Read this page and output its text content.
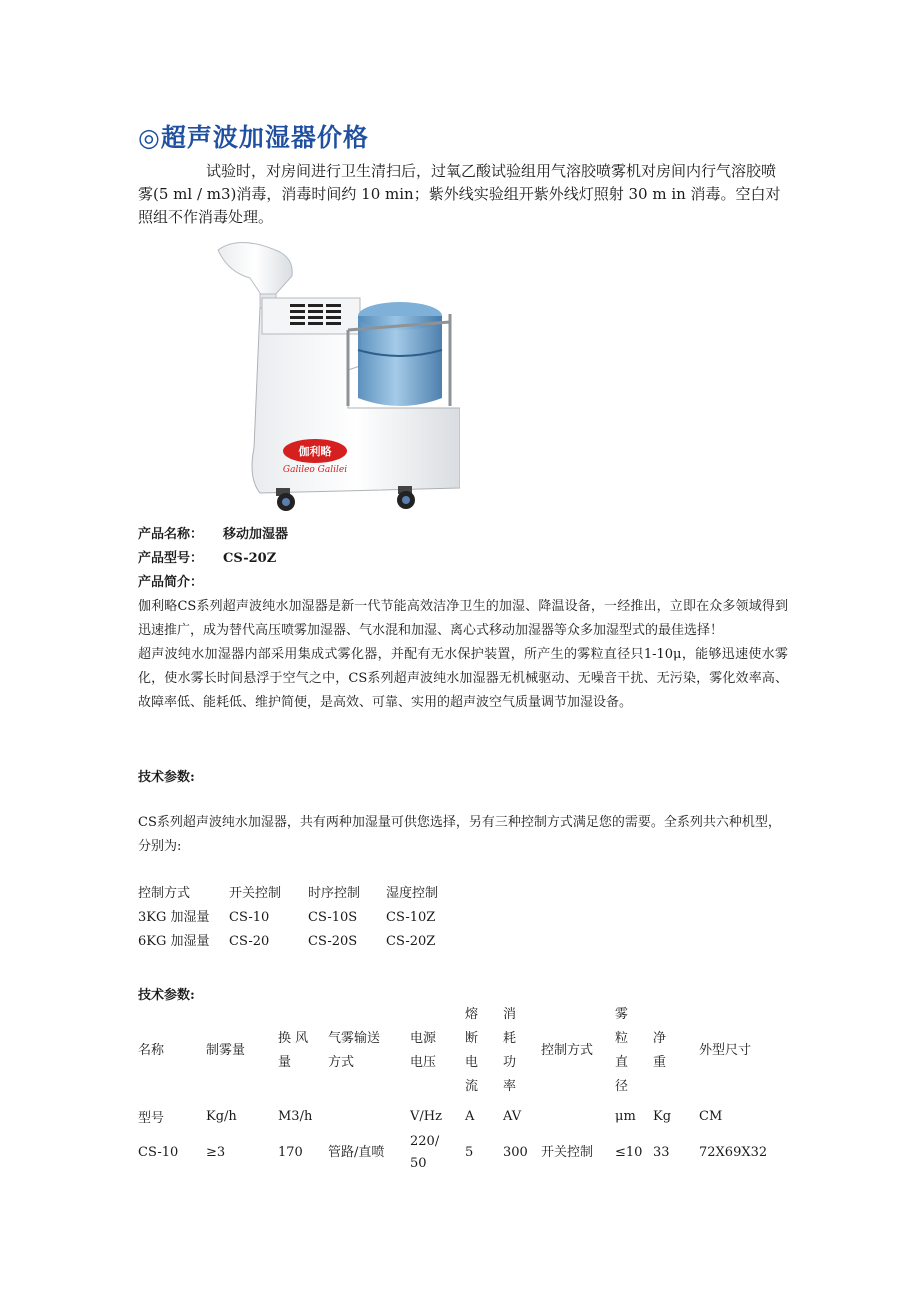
◎超声波加湿器价格

试验时，对房间进行卫生清扫后，过氧乙酸试验组用气溶胶喷雾机对房间内行气溶胶喷雾(5 ml / m3)消毒，消毒时间约 10 min；紫外线实验组开紫外线灯照射 30 m in 消毒。空白对照组不作消毒处理。

伽利略
Galileo Galilei
产品名称： 移动加湿器
产品型号： CS-20Z
产品简介：

伽利略CS系列超声波纯水加湿器是新一代节能高效洁净卫生的加湿、降温设备，一经推出，立即在众多领域得到迅速推广，成为替代高压喷雾加湿器、气水混和加湿、离心式移动加湿器等众多加湿型式的最佳选择！

超声波纯水加湿器内部采用集成式雾化器，并配有无水保护装置，所产生的雾粒直径只1-10μ，能够迅速使水雾化，使水雾长时间悬浮于空气之中，CS系列超声波纯水加湿器无机械驱动、无噪音干扰、无污染，雾化效率高、故障率低、能耗低、维护简便，是高效、可靠、实用的超声波空气质量调节加湿设备。

技术参数:

CS系列超声波纯水加湿器，共有两种加湿量可供您选择，另有三种控制方式满足您的需要。全系列共六种机型，分别为:

控制方式	开关控制 时序控制 湿度控制
3KG 加湿量 CS-10	CS-10S CS-10Z
6KG 加湿量 CS-20	CS-20S CS-20Z
技术参数:
名称	制雾量	换 风量	气雾输送方式	电源电压	熔断电流	消耗功率	控制方式	雾粒直径	净重	外型尺寸
型号	Kg/h	M3/h		V/Hz	A	AV		μm	Kg	CM
CS-10	≥3	170	管路/直喷	220/50	5	300	开关控制	≤10	33	72X69X32
